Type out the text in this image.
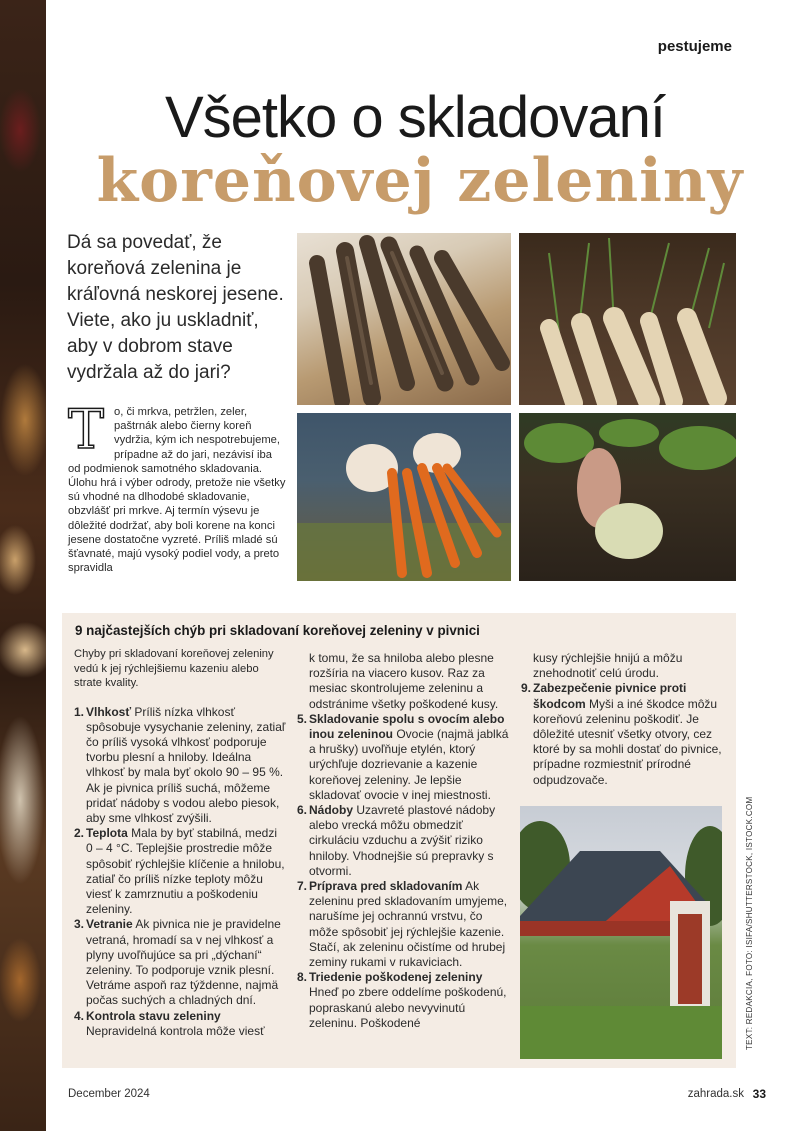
pestujeme
Všetko o skladovaní
koreňovej zeleniny

Dá sa povedať, že koreňová zelenina je kráľovná neskorej jesene. Viete, ako ju uskladniť, aby v dobrom stave vydržala až do jari?

To, či mrkva, petržlen, zeler, paštrnák alebo čierny koreň vydržia, kým ich nespotrebujeme, prípadne až do jari, nezávisí iba od podmienok samotného skladovania. Úlohu hrá i výber odrody, pretože nie všetky sú vhodné na dlhodobé skladovanie, obzvlášť pri mrkve. Aj termín výsevu je dôležité dodržať, aby boli korene na konci jesene dostatočne vyzreté. Príliš mladé sú šťavnaté, majú vysoký podiel vody, a preto spravidla
9 najčastejších chýb pri skladovaní koreňovej zeleniny v pivnici

Chyby pri skladovaní koreňovej zeleniny vedú k jej rýchlejšiemu kazeniu alebo strate kvality.

1. Vlhkosť Príliš nízka vlhkosť spôsobuje vysychanie zeleniny, zatiaľ čo príliš vysoká vlhkosť podporuje tvorbu plesní a hniloby. Ideálna vlhkosť by mala byť okolo 90 – 95 %. Ak je pivnica príliš suchá, môžeme pridať nádoby s vodou alebo piesok, aby sme vlhkosť zvýšili.
2. Teplota Mala by byť stabilná, medzi 0 – 4 °C. Teplejšie prostredie môže spôsobiť rýchlejšie klíčenie a hnilobu, zatiaľ čo príliš nízke teploty môžu viesť k zamrznutiu a poškodeniu zeleniny.
3. Vetranie Ak pivnica nie je pravidelne vetraná, hromadí sa v nej vlhkosť a plyny uvoľňujúce sa pri „dýchaní“ zeleniny. To podporuje vznik plesní. Vetráme aspoň raz týždenne, najmä počas suchých a chladných dní.
4. Kontrola stavu zeleniny Nepravidelná kontrola môže viesť
k tomu, že sa hniloba alebo plesne rozšíria na viacero kusov. Raz za mesiac skontrolujeme zeleninu a odstránime všetky poškodené kusy.
5. Skladovanie spolu s ovocím alebo inou zeleninou Ovocie (najmä jablká a hrušky) uvoľňuje etylén, ktorý urýchľuje dozrievanie a kazenie koreňovej zeleniny. Je lepšie skladovať ovocie v inej miestnosti.
6. Nádoby Uzavreté plastové nádoby alebo vrecká môžu obmedziť cirkuláciu vzduchu a zvýšiť riziko hniloby. Vhodnejšie sú prepravky s otvormi.
7. Príprava pred skladovaním Ak zeleninu pred skladovaním umyjeme, narušíme jej ochrannú vrstvu, čo môže spôsobiť jej rýchlejšie kazenie. Stačí, ak zeleninu očistíme od hrubej zeminy rukami v rukaviciach.
8. Triedenie poškodenej zeleniny Hneď po zbere oddelíme poškodenú, popraskanú alebo nevyvinutú zeleninu. Poškodené
kusy rýchlejšie hnijú a môžu znehodnotiť celú úrodu.
9. Zabezpečenie pivnice proti škodcom Myši a iné škodce môžu koreňovú zeleninu poškodiť. Je dôležité utesniť všetky otvory, cez ktoré by sa mohli dostať do pivnice, prípadne rozmiestniť prírodné odpudzovače.
TEXT: REDAKCIA, FOTO: ISIFA/SHUTTERSTOCK, ISTOCK.COM
December 2024	zahrada.sk 33
